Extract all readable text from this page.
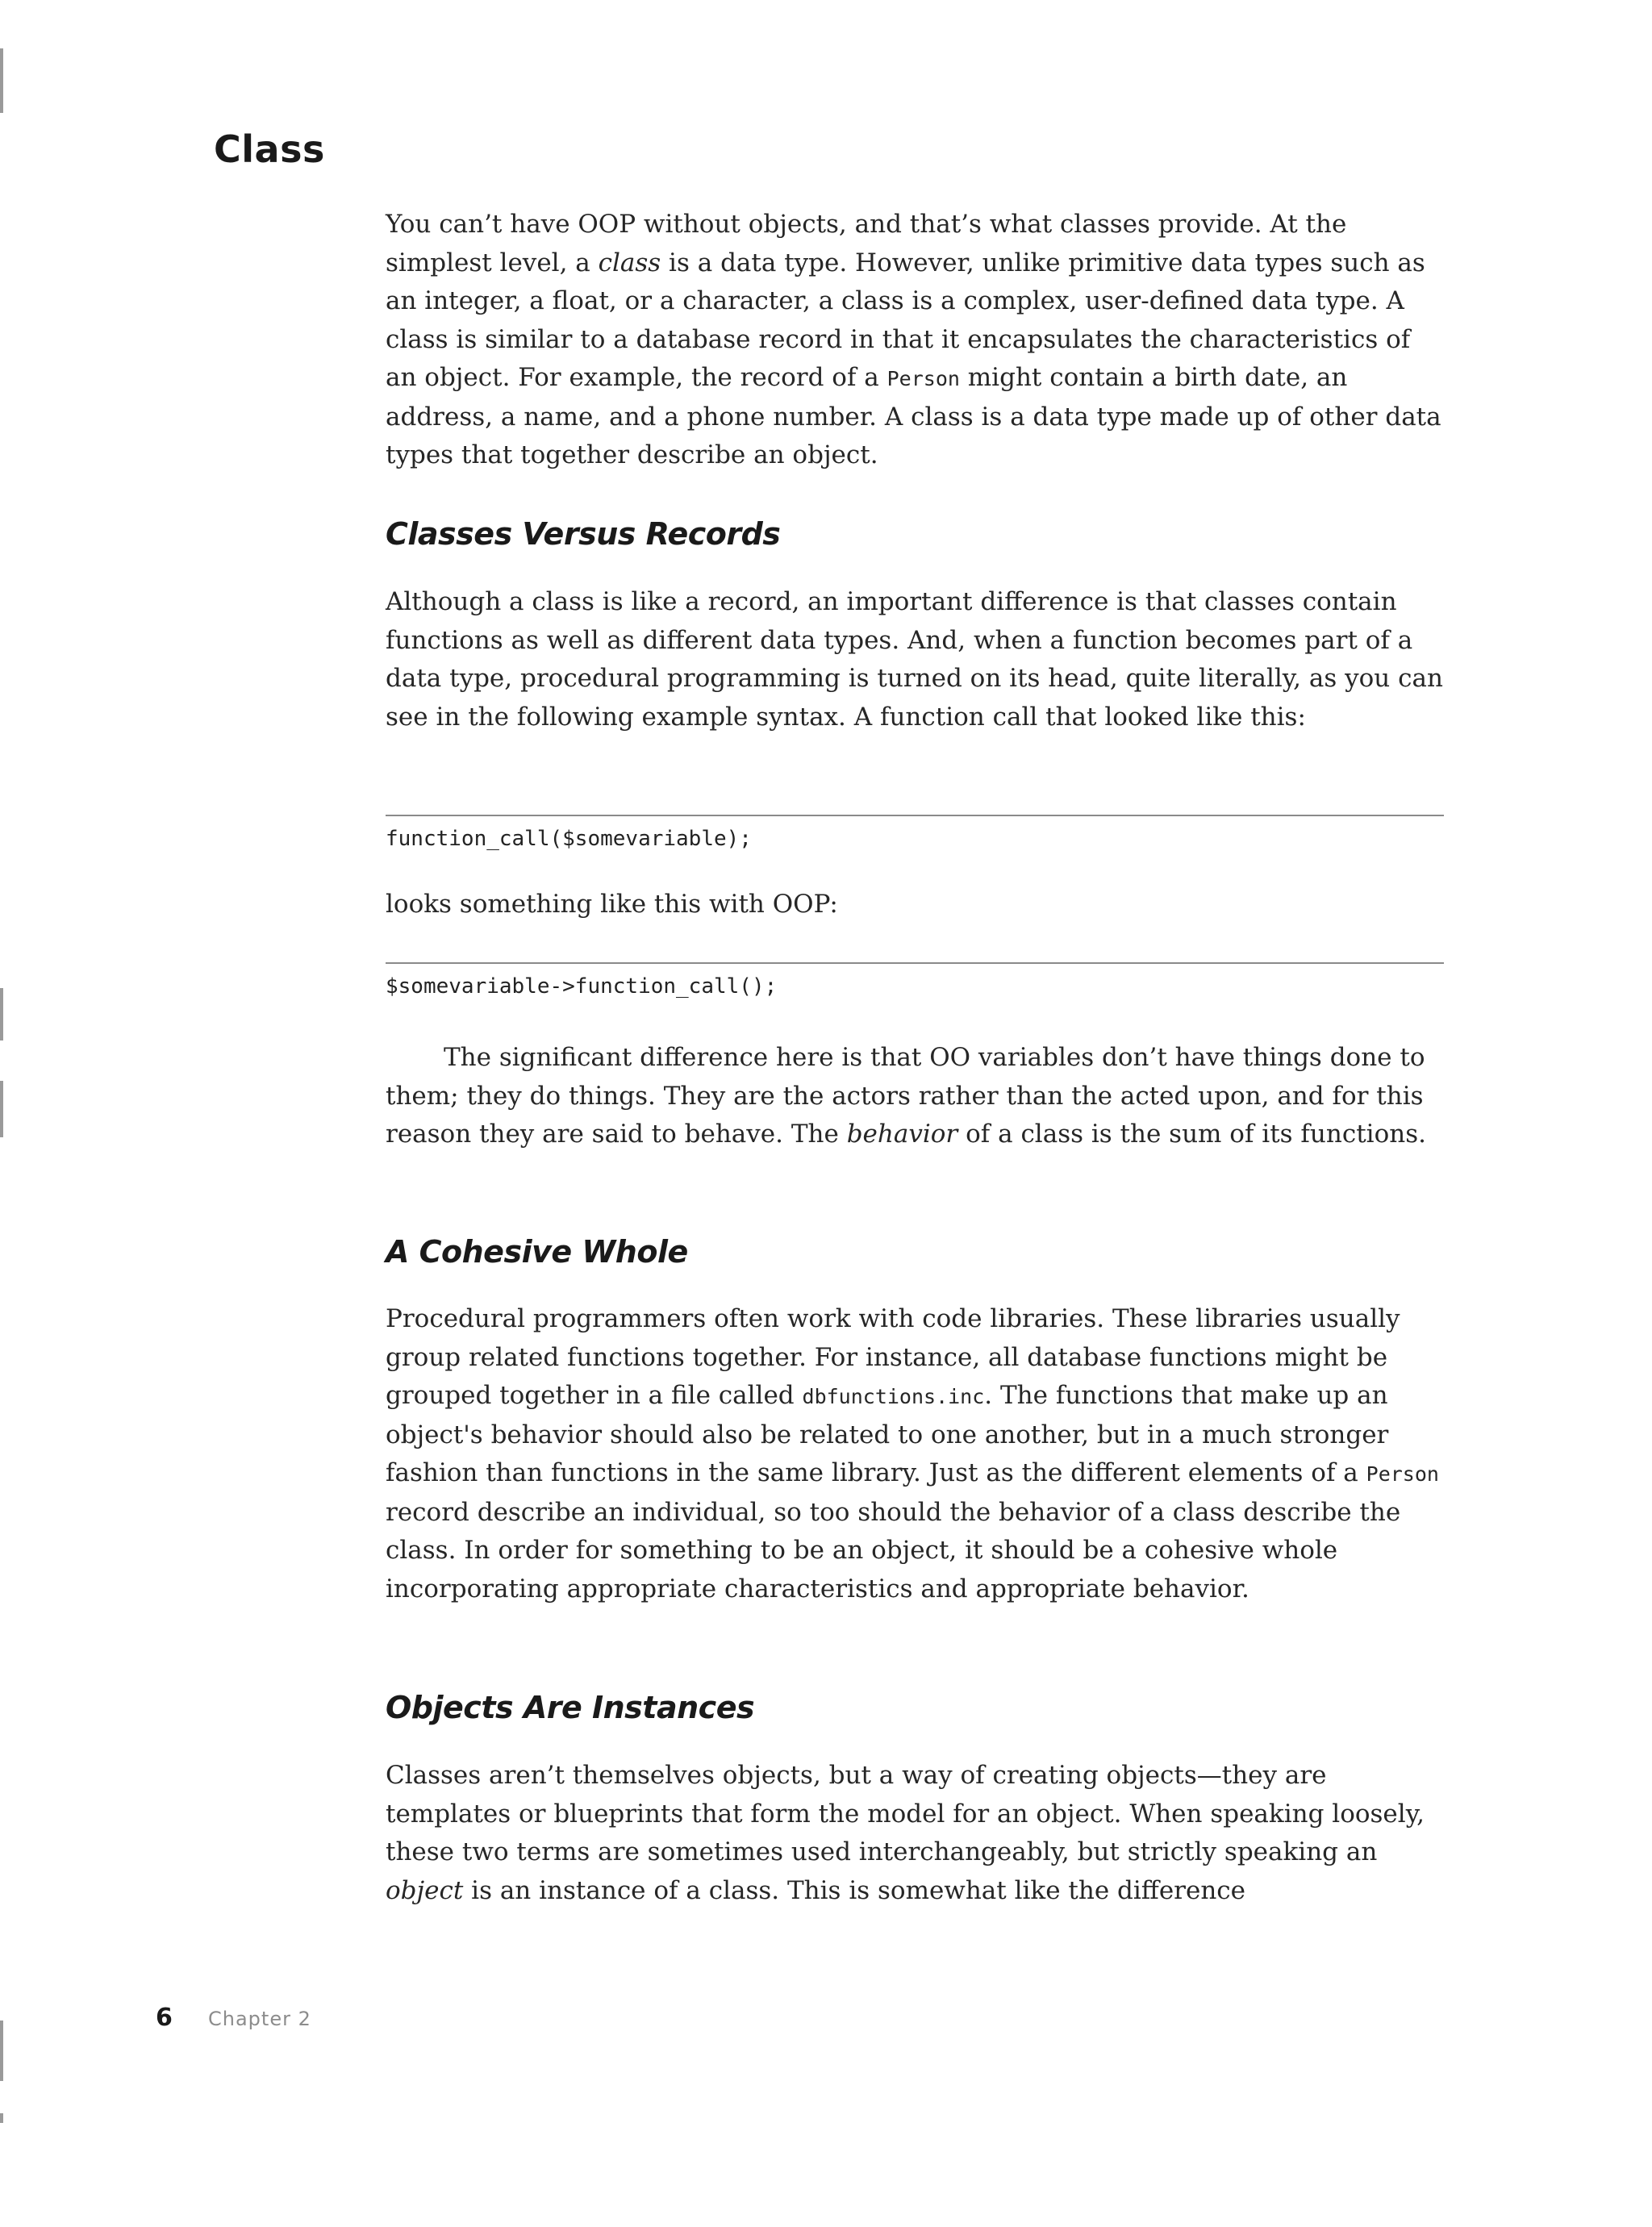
Class

You can’t have OOP without objects, and that’s what classes provide. At the simplest level, a class is a data type. However, unlike primitive data types such as an integer, a float, or a character, a class is a complex, user-defined data type. A class is similar to a database record in that it encapsulates the characteristics of an object. For example, the record of a Person might contain a birth date, an address, a name, and a phone number. A class is a data type made up of other data types that together describe an object.

Classes Versus Records

Although a class is like a record, an important difference is that classes contain functions as well as different data types. And, when a function becomes part of a data type, procedural programming is turned on its head, quite literally, as you can see in the following example syntax. A function call that looked like this:

function_call($somevariable);

looks something like this with OOP:

$somevariable->function_call();

The significant difference here is that OO variables don’t have things done to them; they do things. They are the actors rather than the acted upon, and for this reason they are said to behave. The behavior of a class is the sum of its functions.

A Cohesive Whole

Procedural programmers often work with code libraries. These libraries usually group related functions together. For instance, all database functions might be grouped together in a file called dbfunctions.inc. The functions that make up an object's behavior should also be related to one another, but in a much stronger fashion than functions in the same library. Just as the different elements of a Person record describe an individual, so too should the behavior of a class describe the class. In order for something to be an object, it should be a cohesive whole incorporating appropriate characteristics and appropriate behavior.

Objects Are Instances

Classes aren’t themselves objects, but a way of creating objects—they are templates or blueprints that form the model for an object. When speaking loosely, these two terms are sometimes used interchangeably, but strictly speaking an object is an instance of a class. This is somewhat like the difference

6 Chapter 2
